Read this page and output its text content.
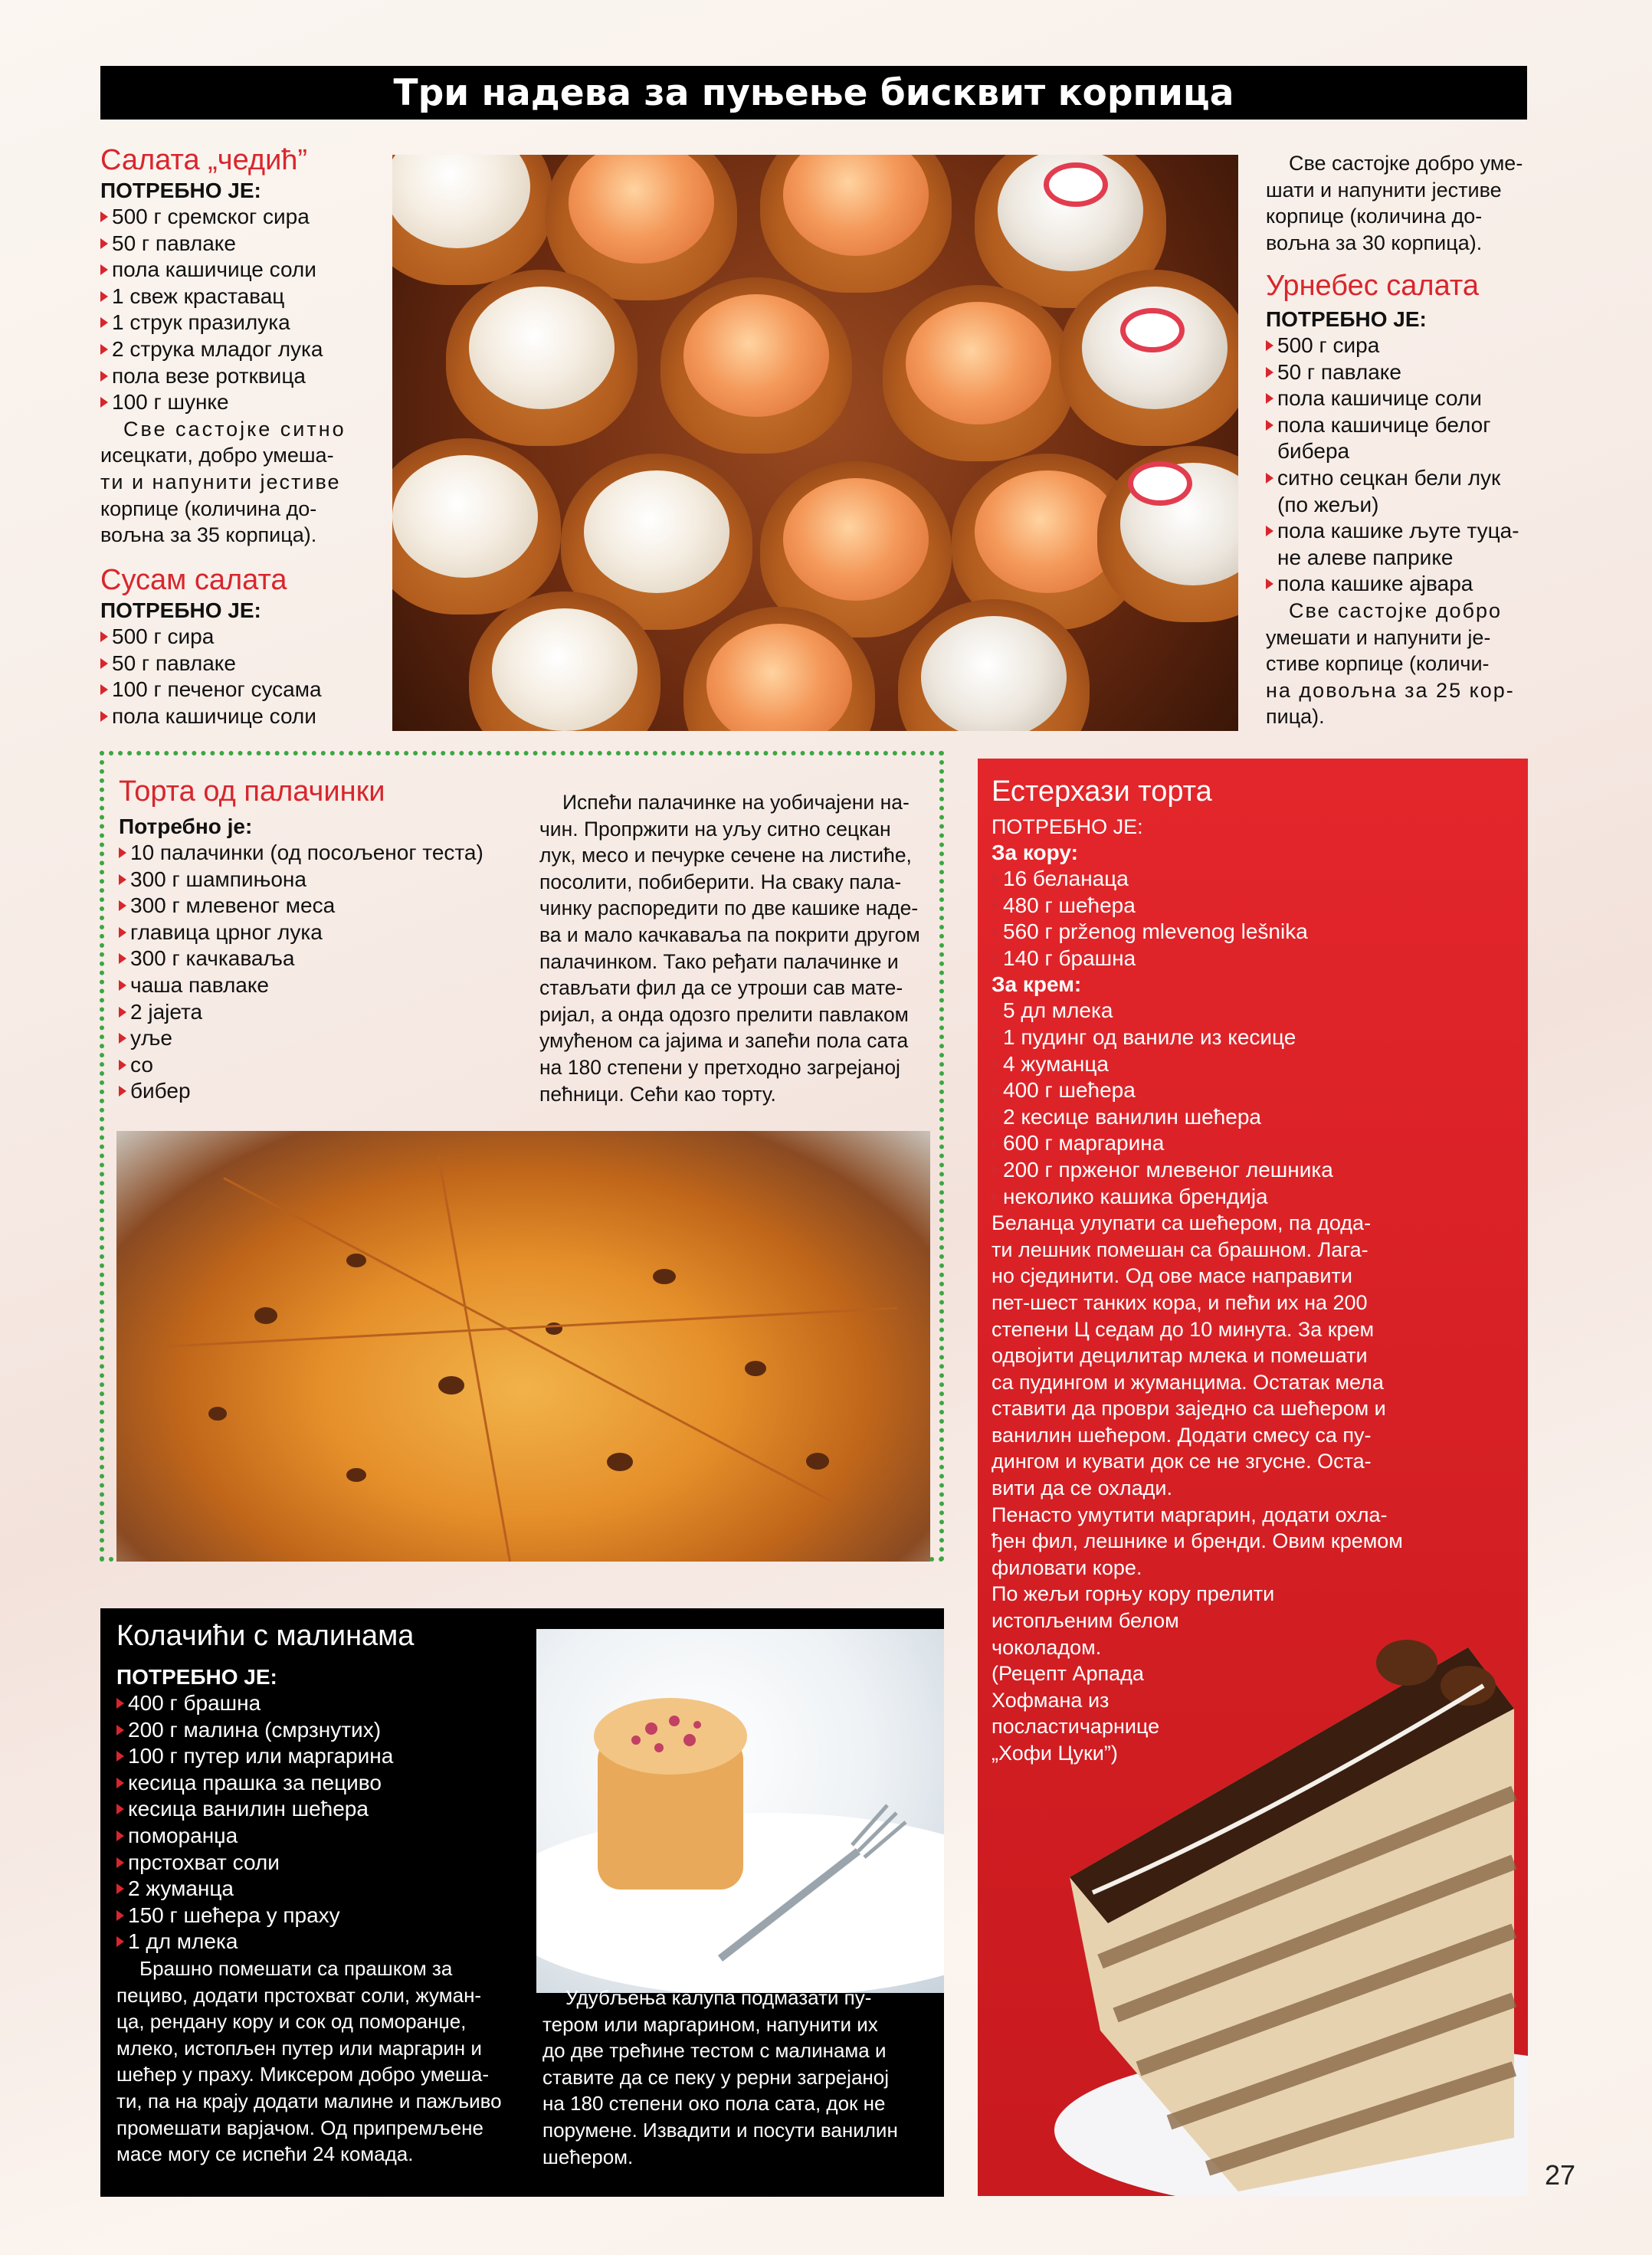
Три надева за пуњење бисквит корпица
Салата „чедић”
ПОТРЕБНО ЈЕ:
500 г сремског сира
50 г павлаке
пола кашичице соли
1 свеж краставац
1 струк празилука
2 струка младог лука
пола везе ротквица
100 г шунке
Све састојке ситно
исецкати, добро умеша-
ти и напунити јестиве
корпице (количина до-
вољна за 35 корпица).
Сусам салата
ПОТРЕБНО ЈЕ:
500 г сира
50 г павлаке
100 г печеног сусама
пола кашичице соли
Све састојке добро уме-
шати и напунити јестиве
корпице (количина до-
вољна за 30 корпица).
Урнебес салата
ПОТРЕБНО ЈЕ:
500 г сира
50 г павлаке
пола кашичице соли
пола кашичице белог
бибера
ситно сецкан бели лук
(по жељи)
пола кашике љуте туца-
не алеве паприке
пола кашике ајвара
Све састојке добро
умешати и напунити је-
стиве корпице (количи-
на довољна за 25 кор-
пица).
Торта од палачинки
Потребно је:
10 палачинки (од посољеног теста)
300 г шампињона
300 г млевеног меса
главица црног лука
300 г качкаваља
чаша павлаке
2 јајета
уље
со
бибер
Испећи палачинке на уобичајени на-
чин. Пропржити на уљу ситно сецкан
лук, месо и печурке сечене на листиће,
посолити, побиберити. На сваку пала-
чинку распоредити по две кашике наде-
ва и мало качкаваља па покрити другом
палачинком. Тако ређати палачинке и
стављати фил да се утроши сав мате-
ријал, а онда одозго прелити павлаком
умућеном са јајима и запећи пола сата
на 180 степени у претходно загрејаној
пећници. Сећи као торту.
Естерхази торта
ПОТРЕБНО ЈЕ:
За кору:
16 беланаца
480 г шећера
560 г prženog mlevenog lešnika
140 г брашна
За крем:
5 дл млека
1 пудинг од ваниле из кесице
4 жуманца
400 г шећера
2 кесице ванилин шећера
600 г маргарина
200 г прженог млевеног лешника
неколико кашика брендија
Беланца улупати са шећером, па дода-
ти лешник помешан са брашном. Лага-
но сјединити. Од ове масе направити
пет-шест танких кора, и пећи их на 200
степени Ц седам до 10 минута. За крем
одвојити децилитар млека и помешати
са пудингом и жуманцима. Остатак мела
ставити да проври заједно са шећером и
ванилин шећером. Додати смесу са пу-
дингом и кувати док се не згусне. Оста-
вити да се охлади.
Пенасто умутити маргарин, додати охла-
ђен фил, лешнике и бренди. Овим кремом
филовати коре.
По жељи горњу кору прелити
истопљеним белом
чоколадом.
(Рецепт Арпада
Хофмана из
посластичарнице
„Хофи Цуки”)
Колачићи с малинама
ПОТРЕБНО ЈЕ:
400 г брашна
200 г малина (смрзнутих)
100 г путер или маргарина
кесица прашка за пециво
кесица ванилин шећера
поморанџа
прстохват соли
2 жуманца
150 г шећера у праху
1 дл млека
Брашно помешати са прашком за
пециво, додати прстохват соли, жуман-
ца, рендану кору и сок од поморанџе,
млеко, истопљен путер или маргарин и
шећер у праху. Миксером добро умеша-
ти, па на крају додати малине и пажљиво
промешати варјачом. Од припремљене
масе могу се испећи 24 комада.
Удубљења калупа подмазати пу-
тером или маргарином, напунити их
до две трећине тестом с малинама и
ставите да се пеку у рерни загрејаној
на 180 степени око пола сата, док не
порумене. Извадити и посути ванилин
шећером.
27
